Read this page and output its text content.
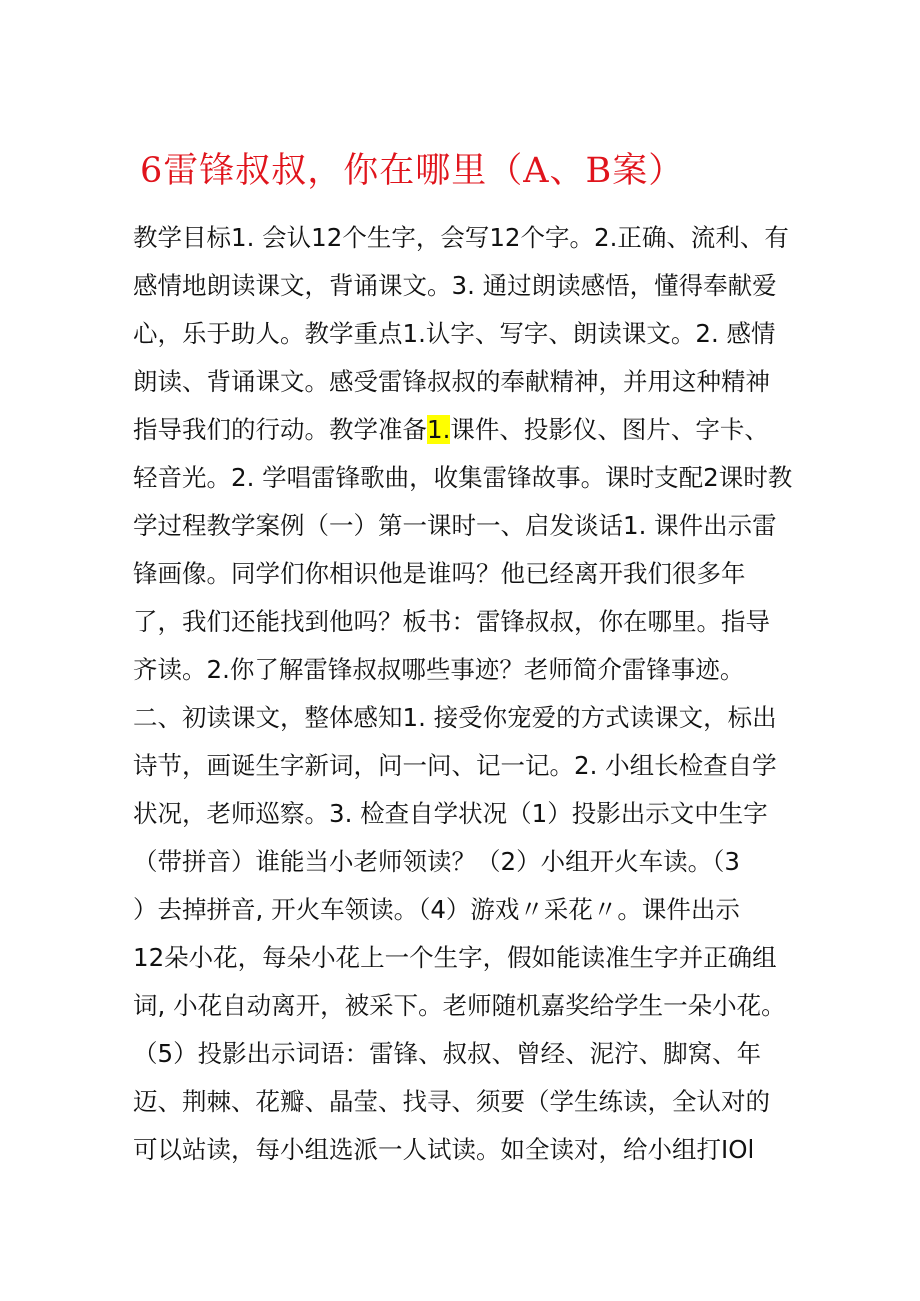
6雷锋叔叔，你在哪里（A、B案）
教学目标1. 会认12个生字，会写12个字。2.正确、流利、有
感情地朗读课文，背诵课文。3. 通过朗读感悟，懂得奉献爱
心，乐于助人。教学重点1.认字、写字、朗读课文。2. 感情
朗读、背诵课文。感受雷锋叔叔的奉献精神，并用这种精神
指导我们的行动。教学准备1.课件、投影仪、图片、字卡、
轻音光。2. 学唱雷锋歌曲，收集雷锋故事。课时支配2课时教
学过程教学案例（一）第一课时一、启发谈话1. 课件出示雷
锋画像。同学们你相识他是谁吗？他已经离开我们很多年
了，我们还能找到他吗？板书：雷锋叔叔，你在哪里。指导
齐读。2.你了解雷锋叔叔哪些事迹？老师简介雷锋事迹。
二、初读课文，整体感知1. 接受你宠爱的方式读课文，标出
诗节，画诞生字新词，问一问、记一记。2. 小组长检查自学
状况，老师巡察。3. 检查自学状况（1）投影出示文中生字
（带拼音）谁能当小老师领读？（2）小组开火车读。（3
）去掉拼音, 开火车领读。（4）游戏〃采花〃。课件出示
12朵小花，每朵小花上一个生字，假如能读准生字并正确组
词, 小花自动离开，被采下。老师随机嘉奖给学生一朵小花。
（5）投影出示词语：雷锋、叔叔、曾经、泥泞、脚窝、年
迈、荆棘、花瓣、晶莹、找寻、须要（学生练读，全认对的
可以站读，每小组选派一人试读。如全读对，给小组打IOl
